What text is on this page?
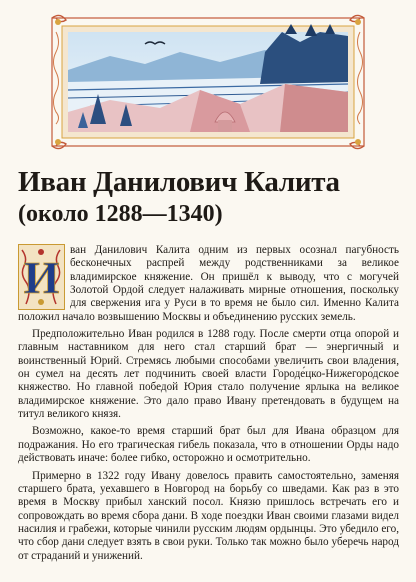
Иван Данилович Калита
(около 1288—1340)

И
ван Данилович Калита одним из первых осознал пагубность бесконечных распрей между родственниками за великое владимирское княжение. Он пришёл к выводу, что с могучей Золотой Ордой следует налаживать мирные отношения, поскольку для свержения ига у Руси в то время не было сил. Именно Калита положил начало возвышению Москвы и объединению русских земель.

Предположительно Иван родился в 1288 году. После смерти отца опорой и главным наставником для него стал старший брат — энергичный и воинственный Юрий. Стремясь любыми способами увеличить свои владения, он сумел на десять лет подчинить своей власти Городе́цко-Нижегоро́дское княжество. Но главной победой Юрия стало получение ярлыка на великое владимирское княжение. Это дало право Ивану претендовать в будущем на титул великого князя.

Возможно, какое-то время старший брат был для Ивана образцом для подражания. Но его трагическая гибель показала, что в отношении Орды надо действовать иначе: более гибко, осторожно и осмотрительно.

Примерно в 1322 году Ивану довелось править самостоятельно, заменяя старшего брата, уехавшего в Новгород на борьбу со шведами. Как раз в это время в Москву прибыл ханский посол. Князю пришлось встречать его и сопровождать во время сбора дани. В ходе поездки Иван своими глазами видел насилия и грабежи, которые чинили русским людям ордынцы. Это убедило его, что сбор дани следует взять в свои руки. Только так можно было уберечь народ от страданий и унижений.
